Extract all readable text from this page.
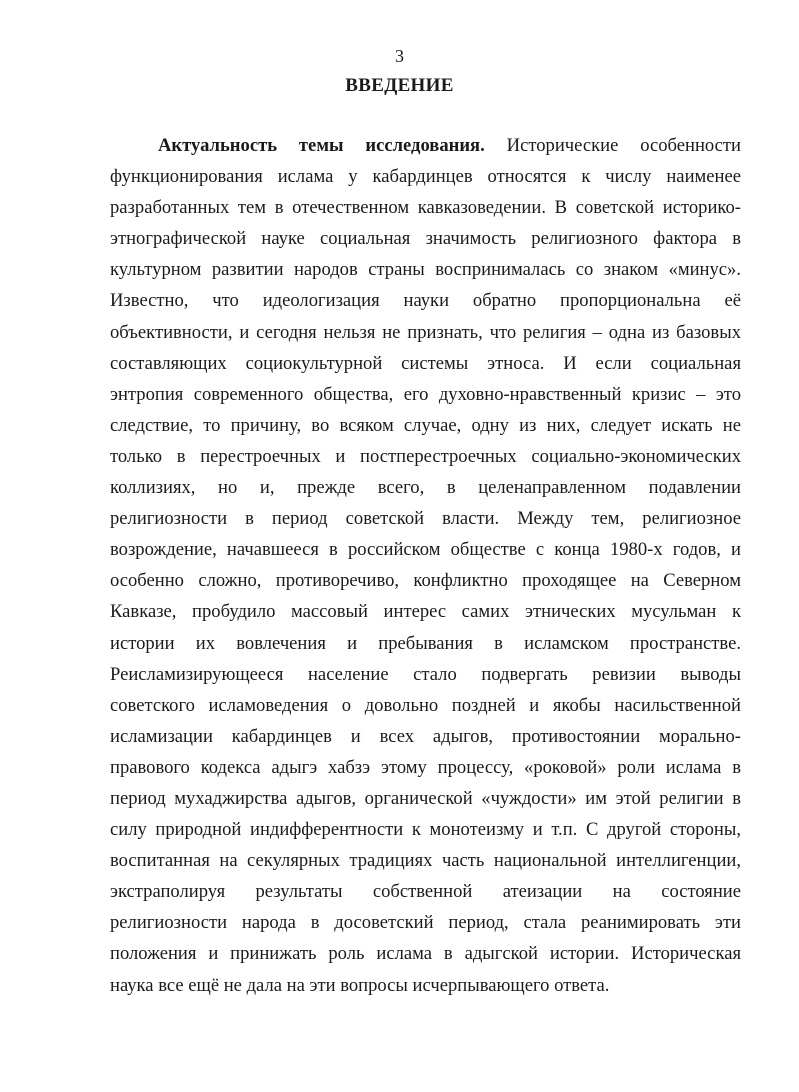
3
ВВЕДЕНИЕ
Актуальность темы исследования. Исторические особенности
функционирования ислама у кабардинцев относятся к числу наименее
разработанных тем в отечественном кавказоведении. В советской историко-
этнографической науке социальная значимость религиозного фактора в
культурном развитии народов страны воспринималась со знаком «минус».
Известно, что идеологизация науки обратно пропорциональна её
объективности, и сегодня нельзя не признать, что религия – одна из базовых
составляющих социокультурной системы этноса. И если социальная
энтропия современного общества, его духовно-нравственный кризис – это
следствие, то причину, во всяком случае, одну из них, следует искать не
только в перестроечных и постперестроечных социально-экономических
коллизиях, но и, прежде всего, в целенаправленном подавлении
религиозности в период советской власти. Между тем, религиозное
возрождение, начавшееся в российском обществе с конца 1980-х годов, и
особенно сложно, противоречиво, конфликтно проходящее на Северном
Кавказе, пробудило массовый интерес самих этнических мусульман к
истории их вовлечения и пребывания в исламском пространстве.
Реисламизирующееся население стало подвергать ревизии выводы
советского исламоведения о довольно поздней и якобы насильственной
исламизации кабардинцев и всех адыгов, противостоянии морально-
правового кодекса адыгэ хабзэ этому процессу, «роковой» роли ислама в
период мухаджирства адыгов, органической «чуждости» им этой религии в
силу природной индифферентности к монотеизму и т.п. С другой стороны,
воспитанная на секулярных традициях часть национальной интеллигенции,
экстраполируя результаты собственной атеизации на состояние
религиозности народа в досоветский период, стала реанимировать эти
положения и принижать роль ислама в адыгской истории. Историческая
наука все ещё не дала на эти вопросы исчерпывающего ответа.
